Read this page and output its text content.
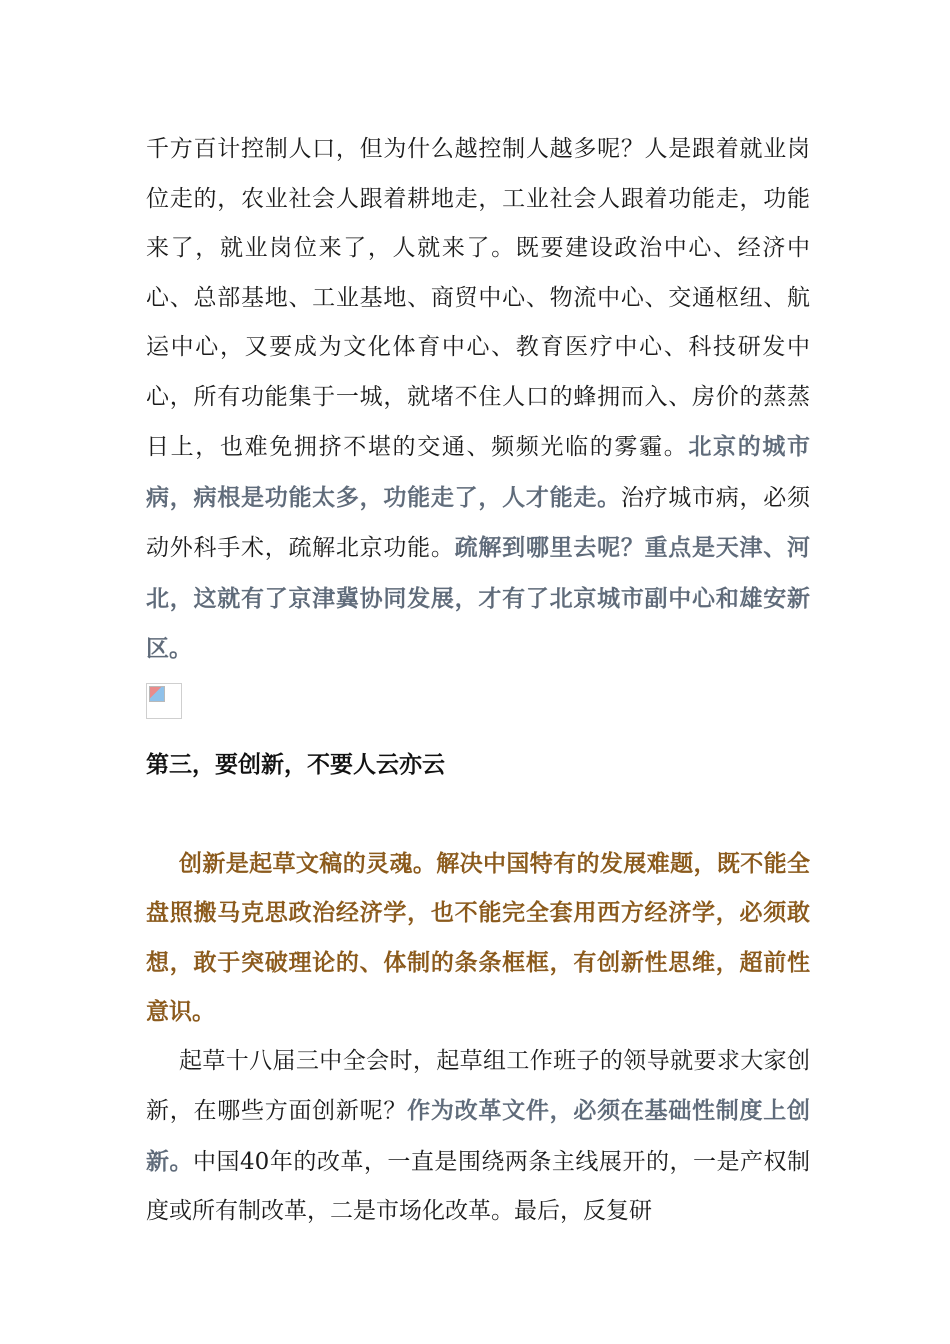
千方百计控制人口，但为什么越控制人越多呢？人是跟着就业岗位走的，农业社会人跟着耕地走，工业社会人跟着功能走，功能来了，就业岗位来了，人就来了。既要建设政治中心、经济中心、总部基地、工业基地、商贸中心、物流中心、交通枢纽、航运中心，又要成为文化体育中心、教育医疗中心、科技研发中心，所有功能集于一城，就堵不住人口的蜂拥而入、房价的蒸蒸日上，也难免拥挤不堪的交通、频频光临的雾霾。北京的城市病，病根是功能太多，功能走了，人才能走。治疗城市病，必须动外科手术，疏解北京功能。疏解到哪里去呢？重点是天津、河北，这就有了京津冀协同发展，才有了北京城市副中心和雄安新区。

第三，要创新，不要人云亦云

创新是起草文稿的灵魂。解决中国特有的发展难题，既不能全盘照搬马克思政治经济学，也不能完全套用西方经济学，必须敢想，敢于突破理论的、体制的条条框框，有创新性思维，超前性意识。

起草十八届三中全会时，起草组工作班子的领导就要求大家创新，在哪些方面创新呢？作为改革文件，必须在基础性制度上创新。中国40年的改革，一直是围绕两条主线展开的，一是产权制度或所有制改革，二是市场化改革。最后，反复研
